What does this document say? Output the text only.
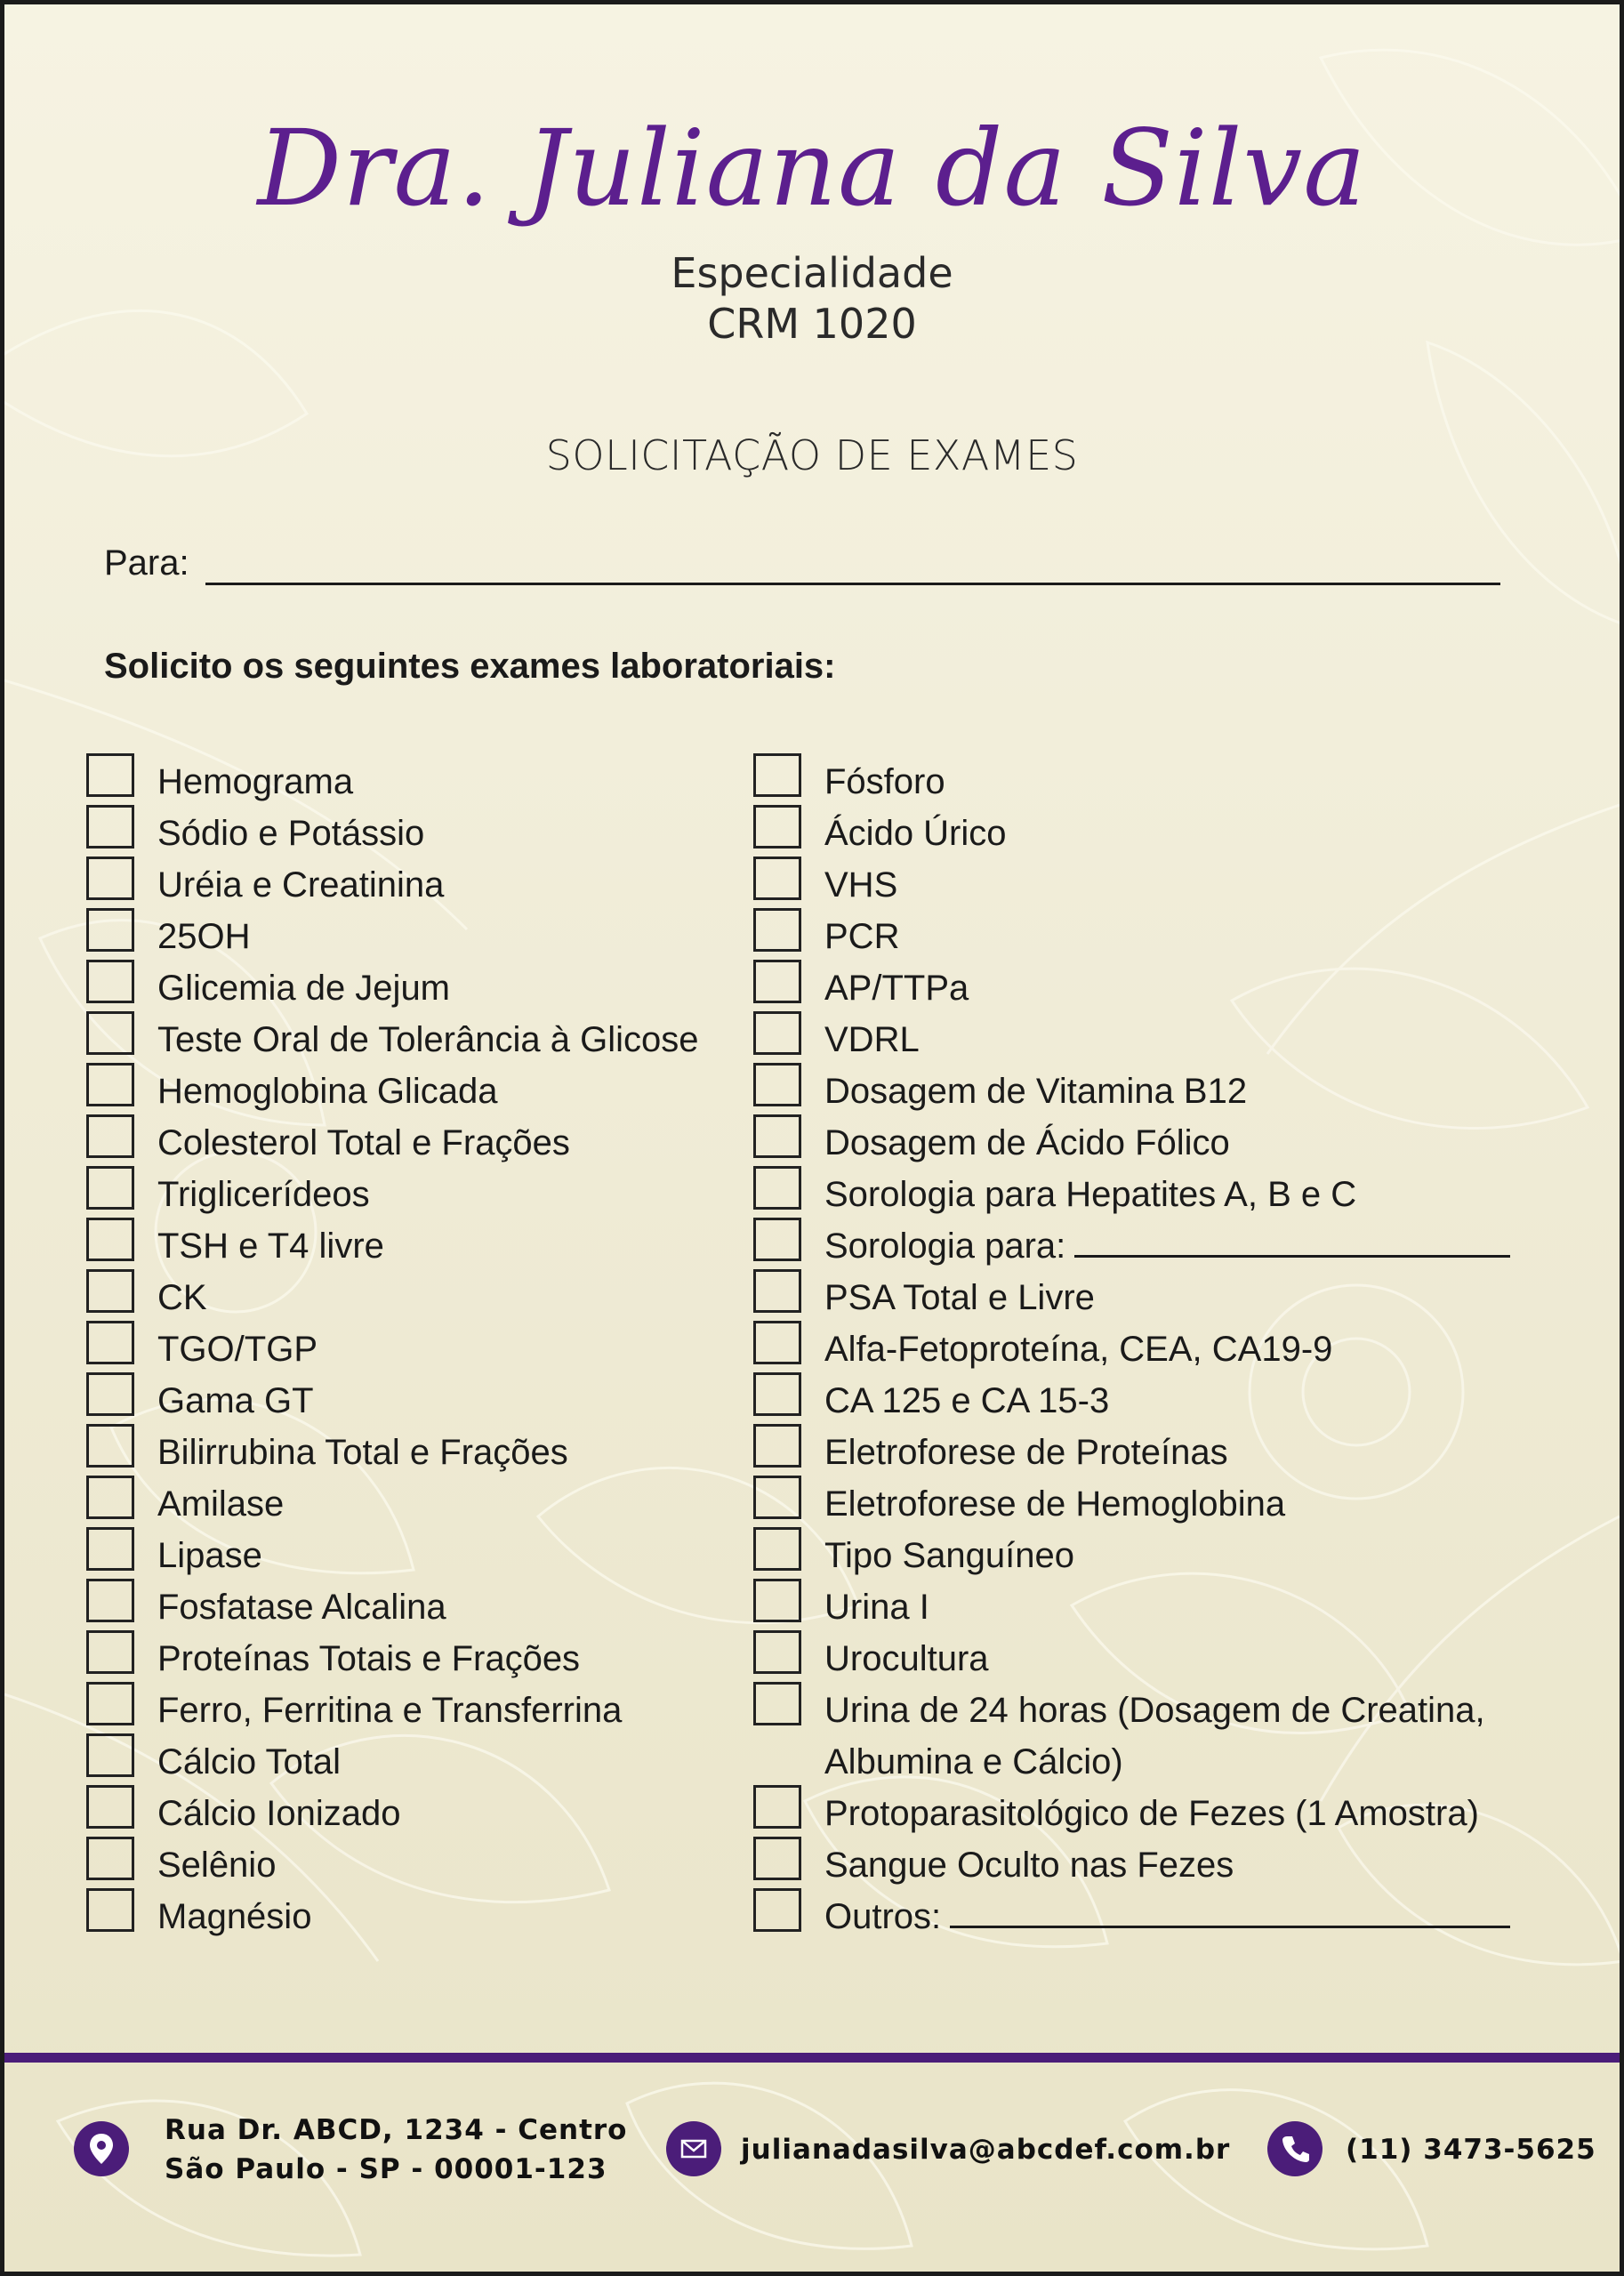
Dra. Juliana da Silva
Especialidade
CRM 1020
SOLICITAÇÃO DE EXAMES
Para:
Solicito os seguintes exames laboratoriais:
Hemograma
Sódio e Potássio
Uréia e Creatinina
25OH
Glicemia de Jejum
Teste Oral de Tolerância à Glicose
Hemoglobina Glicada
Colesterol Total e Frações
Triglicerídeos
TSH e T4 livre
CK
TGO/TGP
Gama GT
Bilirrubina Total e Frações
Amilase
Lipase
Fosfatase Alcalina
Proteínas Totais e Frações
Ferro, Ferritina e Transferrina
Cálcio Total
Cálcio Ionizado
Selênio
Magnésio
Fósforo
Ácido Úrico
VHS
PCR
AP/TTPa
VDRL
Dosagem de Vitamina B12
Dosagem de Ácido Fólico
Sorologia para Hepatites A, B e C
Sorologia para:
PSA Total e Livre
Alfa-Fetoproteína, CEA, CA19-9
CA 125 e CA 15-3
Eletroforese de Proteínas
Eletroforese de Hemoglobina
Tipo Sanguíneo
Urina I
Urocultura
Urina de 24 horas (Dosagem de Creatina,
Albumina e Cálcio)
Protoparasitológico de Fezes (1 Amostra)
Sangue Oculto nas Fezes
Outros:
Rua Dr. ABCD, 1234 - Centro
São Paulo - SP - 00001-123
julianadasilva@abcdef.com.br	(11) 3473-5625
